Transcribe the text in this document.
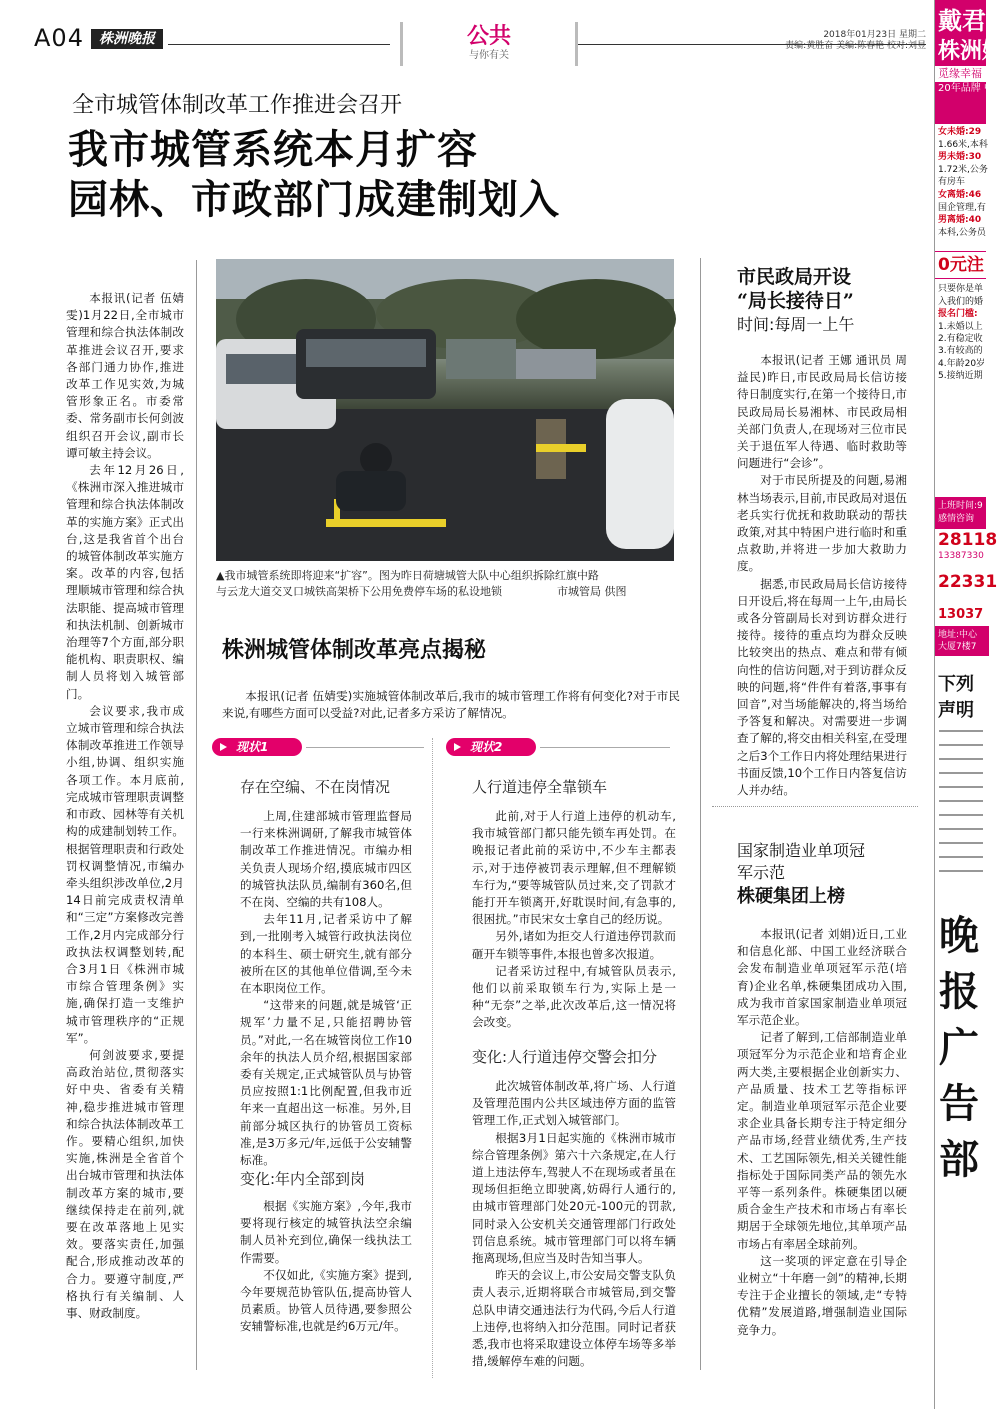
A04	株洲晚报	公共
与你有关
2018年01月23日 星期二
责编:黄胜奋 美编:陈春艳 校对:刘昱
全市城管体制改革工作推进会召开
我市城管系统本月扩容
园林、市政部门成建制划入
▲我市城管系统即将迎来“扩容”。图为昨日荷塘城管大队中心组织拆除红旗中路
与云龙大道交叉口城铁高架桥下公用免费停车场的私设地锁	市城管局 供图

本报讯(记者 伍婧雯)1月22日,全市城市管理和综合执法体制改革推进会议召开,要求各部门通力协作,推进改革工作见实效,为城管形象正名。市委常委、常务副市长何剑波组织召开会议,副市长谭可敏主持会议。

去年12月26日,《株洲市深入推进城市管理和综合执法体制改革的实施方案》正式出台,这是我省首个出台的城管体制改革实施方案。改革的内容,包括理顺城市管理和综合执法职能、提高城市管理和执法机制、创新城市治理等7个方面,部分职能机构、职责职权、编制人员将划入城管部门。

会议要求,我市成立城市管理和综合执法体制改革推进工作领导小组,协调、组织实施各项工作。本月底前,完成城市管理职责调整和市政、园林等有关机构的成建制划转工作。根据管理职责和行政处罚权调整情况,市编办牵头组织涉改单位,2月14日前完成责权清单和“三定”方案修改完善工作,2月内完成部分行政执法权调整划转,配合3月1日《株洲市城市综合管理条例》实施,确保打造一支维护城市管理秩序的“正规军”。

何剑波要求,要提高政治站位,贯彻落实好中央、省委有关精神,稳步推进城市管理和综合执法体制改革工作。要精心组织,加快实施,株洲是全省首个出台城市管理和执法体制改革方案的城市,要继续保持走在前列,就要在改革落地上见实效。要落实责任,加强配合,形成推动改革的合力。要遵守制度,严格执行有关编制、人事、财政制度。

株洲城管体制改革亮点揭秘
本报讯(记者 伍婧雯)实施城管体制改革后,我市的城市管理工作将有何变化?对于市民来说,有哪些方面可以受益?对此,记者多方采访了解情况。
现状1
存在空编、不在岗情况

上周,住建部城市管理监督局一行来株洲调研,了解我市城管体制改革工作推进情况。市编办相关负责人现场介绍,摸底城市四区的城管执法队员,编制有360名,但不在岗、空编的共有108人。

去年11月,记者采访中了解到,一批刚考入城管行政执法岗位的本科生、硕士研究生,就有部分被所在区的其他单位借调,至今未在本职岗位工作。

“这带来的问题,就是城管‘正规军’力量不足,只能招聘协管员。”对此,一名在城管岗位工作10余年的执法人员介绍,根据国家部委有关规定,正式城管队员与协管员应按照1:1比例配置,但我市近年来一直超出这一标准。另外,目前部分城区执行的协管员工资标准,是3万多元/年,远低于公安辅警标准。

变化:年内全部到岗

根据《实施方案》,今年,我市要将现行核定的城管执法空余编制人员补充到位,确保一线执法工作需要。

不仅如此,《实施方案》提到,今年要规范协管队伍,提高协管人员素质。协管人员待遇,要参照公安辅警标准,也就是约6万元/年。

现状2
人行道违停全靠锁车

此前,对于人行道上违停的机动车,我市城管部门都只能先锁车再处罚。在晚报记者此前的采访中,不少车主都表示,对于违停被罚表示理解,但不理解锁车行为,“要等城管队员过来,交了罚款才能打开车锁离开,好耽误时间,有急事的,很困扰。”市民宋女士拿自己的经历说。

另外,诸如为拒交人行道违停罚款而砸开车锁等事件,本报也曾多次报道。

记者采访过程中,有城管队员表示,他们以前采取锁车行为,实际上是一种“无奈”之举,此次改革后,这一情况将会改变。

变化:人行道违停交警会扣分

此次城管体制改革,将广场、人行道及管理范围内公共区域违停方面的监管管理工作,正式划入城管部门。

根据3月1日起实施的《株洲市城市综合管理条例》第六十六条规定,在人行道上违法停车,驾驶人不在现场或者虽在现场但拒绝立即驶离,妨碍行人通行的,由城市管理部门处20元-100元的罚款,同时录入公安机关交通管理部门行政处罚信息系统。城市管理部门可以将车辆拖离现场,但应当及时告知当事人。

昨天的会议上,市公安局交警支队负责人表示,近期将联合市城管局,到交警总队申请交通违法行为代码,今后人行道上违停,也将纳入扣分范围。同时记者获悉,我市也将采取建设立体停车场等多举措,缓解停车难的问题。

市民政局开设
“局长接待日”
时间:每周一上午

本报讯(记者 王娜 通讯员 周益民)昨日,市民政局局长信访接待日制度实行,在第一个接待日,市民政局局长易湘林、市民政局相关部门负责人,在现场对三位市民关于退伍军人待遇、临时救助等问题进行“会诊”。

对于市民所提及的问题,易湘林当场表示,目前,市民政局对退伍老兵实行优抚和救助联动的帮扶政策,对其中特困户进行临时和重点救助,并将进一步加大救助力度。

据悉,市民政局局长信访接待日开设后,将在每周一上午,由局长或各分管副局长对到访群众进行接待。接待的重点均为群众反映比较突出的热点、难点和带有倾向性的信访问题,对于到访群众反映的问题,将“件件有着落,事事有回音”,对当场能解决的,将当场给予答复和解决。对需要进一步调查了解的,将交由相关科室,在受理之后3个工作日内将处理结果进行书面反馈,10个工作日内答复信访人并办结。

国家制造业单项冠
军示范
株硬集团上榜

本报讯(记者 刘娟)近日,工业和信息化部、中国工业经济联合会发布制造业单项冠军示范(培育)企业名单,株硬集团成功入围,成为我市首家国家制造业单项冠军示范企业。

记者了解到,工信部制造业单项冠军分为示范企业和培育企业两大类,主要根据企业创新实力、产品质量、技术工艺等指标评定。制造业单项冠军示范企业要求企业具备长期专注于特定细分产品市场,经营业绩优秀,生产技术、工艺国际领先,相关关键性能指标处于国际同类产品的领先水平等一系列条件。株硬集团以硬质合金生产技术和市场占有率长期居于全球领先地位,其单项产品市场占有率居全球前列。

这一奖项的评定意在引导企业树立“十年磨一剑”的精神,长期专注于企业擅长的领域,走“专特优精”发展道路,增强制造业国际竞争力。

戴君
株洲婚
觅缘幸福
20年品牌 中
女未婚:29
1.66米,本科
男未婚:30
1.72米,公务
有房车
女离婚:46
国企管理,有
男离婚:40
本科,公务员
0元注
只要你是单
入我们的婚
报名门槛:
1.未婚以上
2.有稳定收
3.有较高的
4.年龄20岁
5.接纳近期
上班时间:9
感情咨询
28118
13387330
22331
13037
地址:中心 大厦7楼7
下列
声明
晚
报
广
告
部
